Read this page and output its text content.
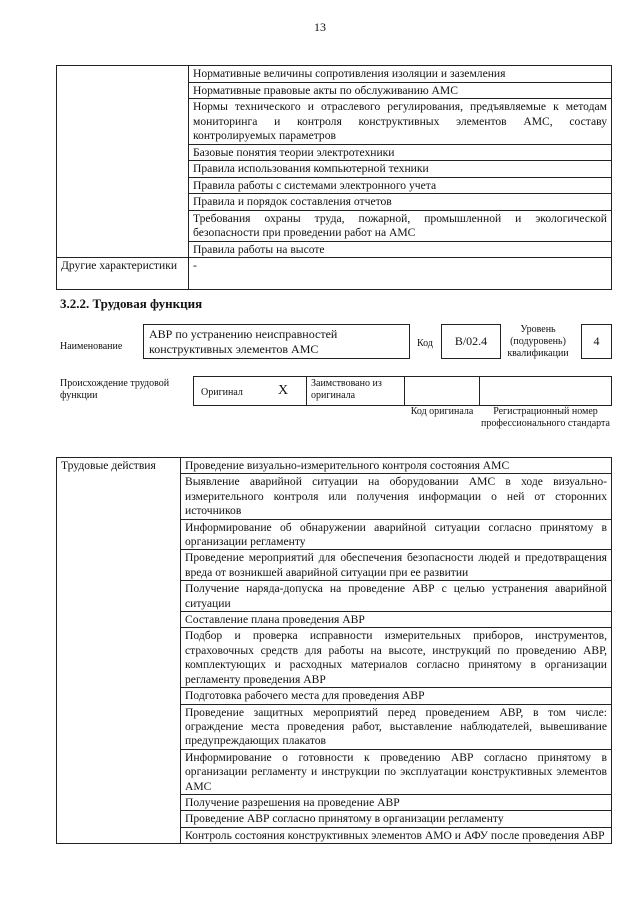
13
	Нормативные величины сопротивления изоляции и заземления
	Нормативные правовые акты по обслуживанию АМС
	Нормы технического и отраслевого регулирования, предъявляемые к методам мониторинга и контроля конструктивных элементов АМС, составу контролируемых параметров
	Базовые понятия теории электротехники
	Правила использования компьютерной техники
	Правила работы с системами электронного учета
	Правила и порядок составления отчетов
	Требования охраны труда, пожарной, промышленной и экологической безопасности при проведении работ на АМС
	Правила работы на высоте
Другие характеристики	-
3.2.2. Трудовая функция
Наименование
АВР по устранению неисправностей конструктивных элементов АМС	Код	B/02.4
Уровень (подуровень) квалификации
4
Происхождение трудовой функции	Оригинал	X Заимствовано из оригинала
Код оригинала	Регистрационный номер профессионального стандарта
Трудовые действия	Проведение визуально-измерительного контроля состояния АМС
Выявление аварийной ситуации на оборудовании АМС в ходе визуально-измерительного контроля или получения информации о ней от сторонних источников
Информирование об обнаружении аварийной ситуации согласно принятому в организации регламенту
Проведение мероприятий для обеспечения безопасности людей и предотвращения вреда от возникшей аварийной ситуации при ее развитии
Получение наряда-допуска на проведение АВР с целью устранения аварийной ситуации
Составление плана проведения АВР
Подбор и проверка исправности измерительных приборов, инструментов, страховочных средств для работы на высоте, инструкций по проведению АВР, комплектующих и расходных материалов согласно принятому в организации регламенту проведения АВР
Подготовка рабочего места для проведения АВР
Проведение защитных мероприятий перед проведением АВР, в том числе: ограждение места проведения работ, выставление наблюдателей, вывешивание предупреждающих плакатов
Информирование о готовности к проведению АВР согласно принятому в организации регламенту и инструкции по эксплуатации конструктивных элементов АМС
Получение разрешения на проведение АВР
Проведение АВР согласно принятому в организации регламенту
Контроль состояния конструктивных элементов АМО и АФУ после проведения АВР
